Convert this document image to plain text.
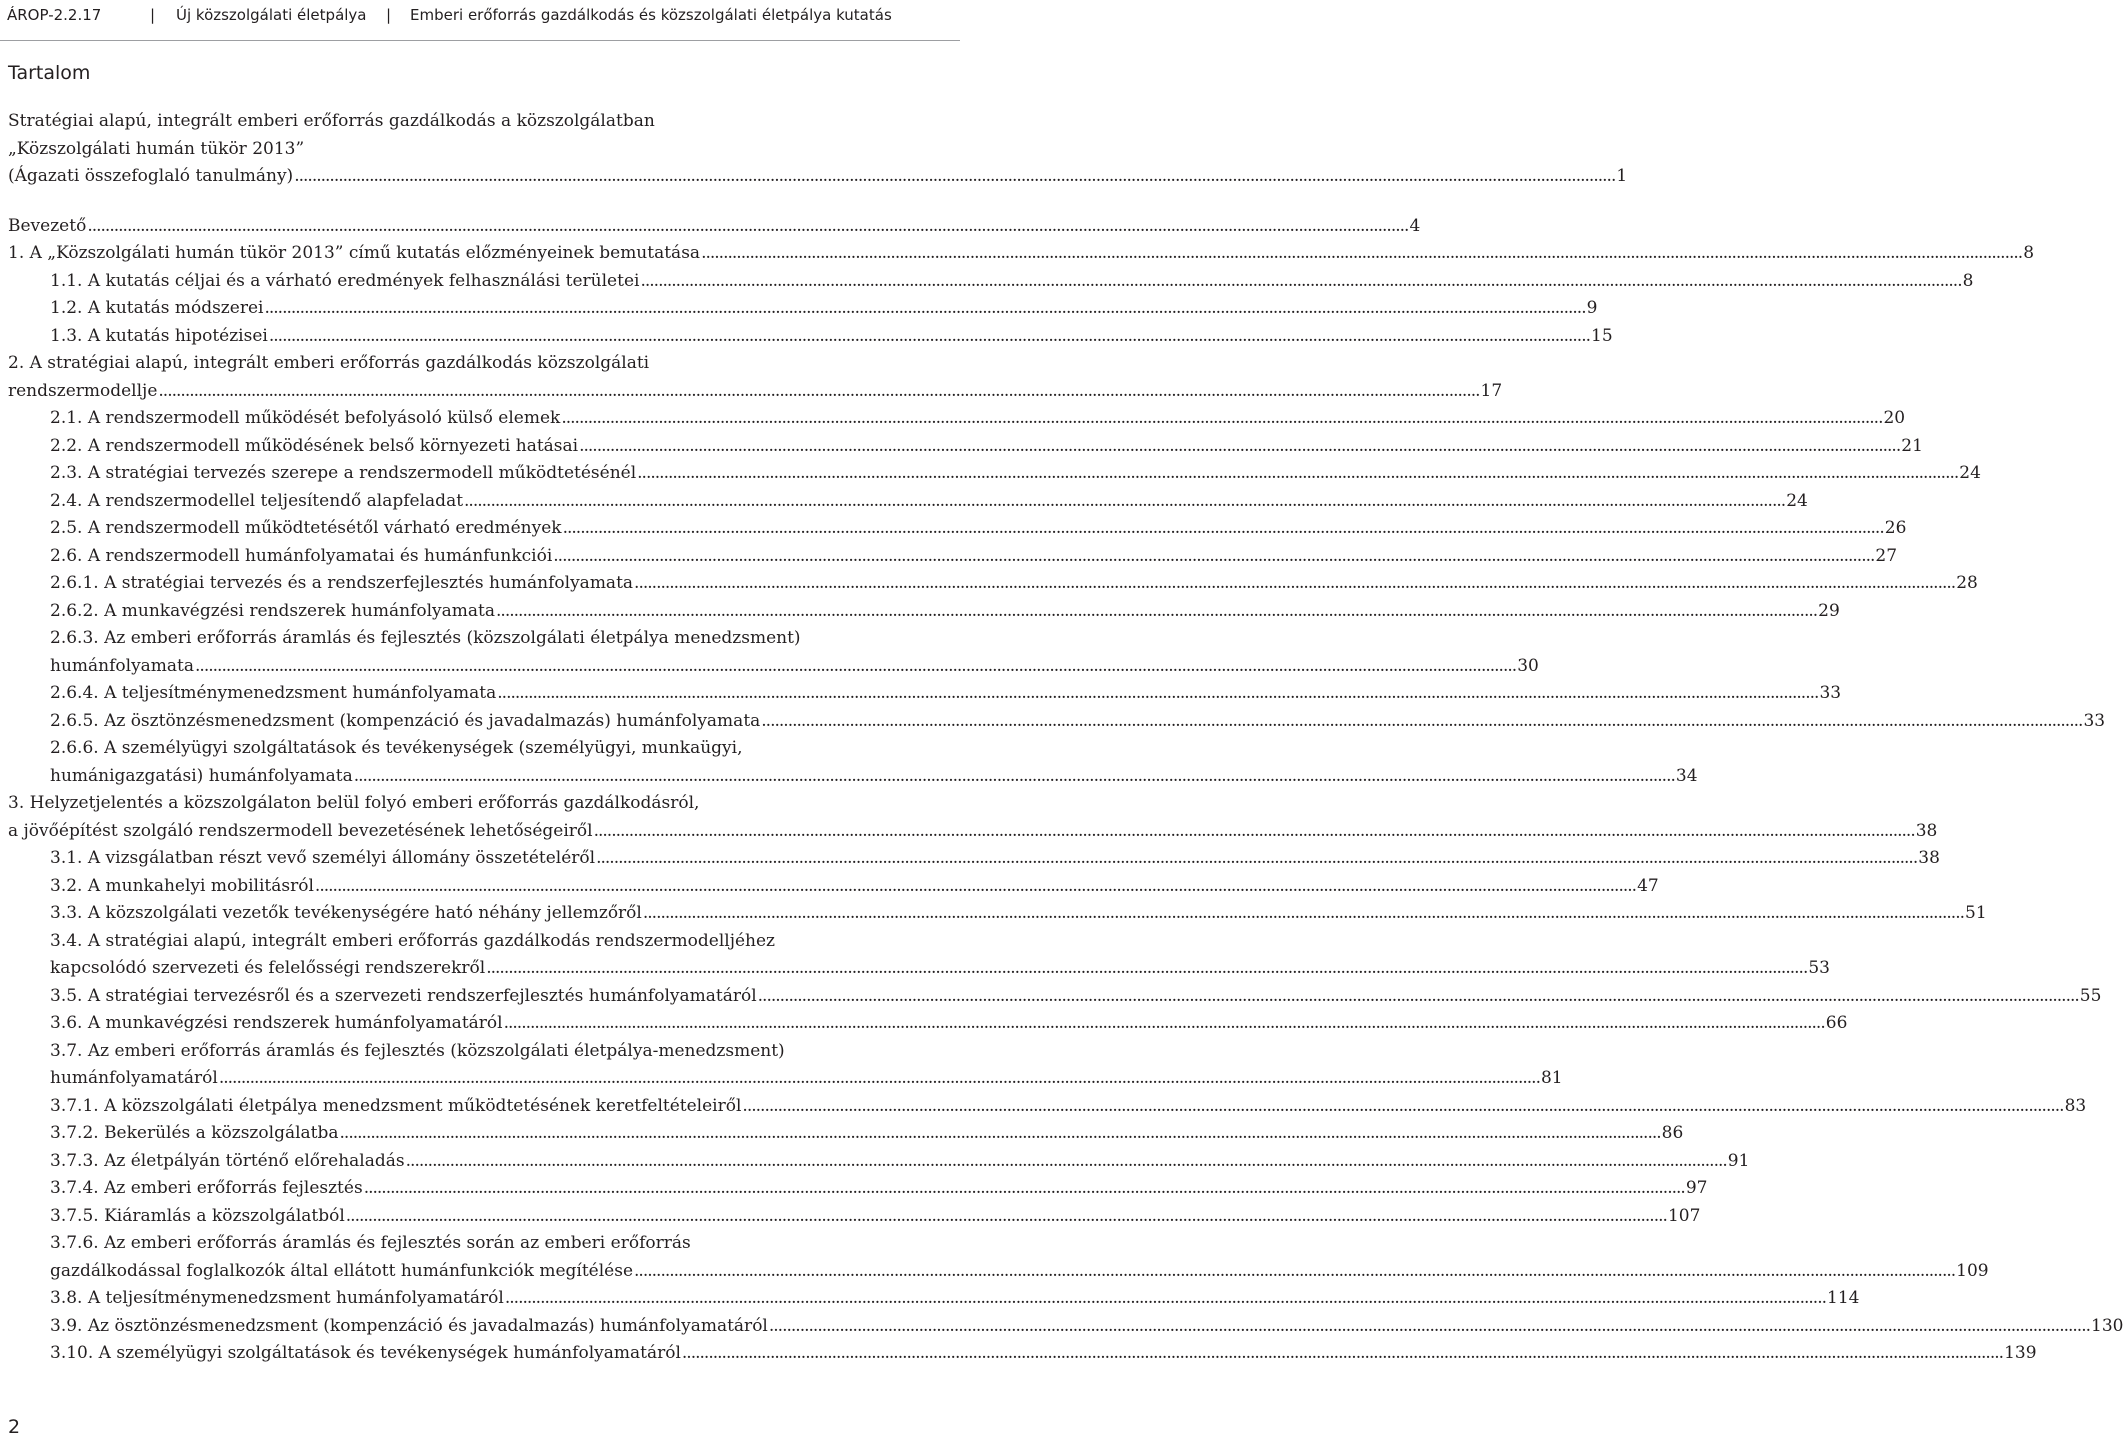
ÁROP-2.2.17	| Új közszolgálati életpálya | Emberi erőforrás gazdálkodás és közszolgálati életpálya kutatás
Tartalom
Stratégiai alapú, integrált emberi erőforrás gazdálkodás a közszolgálatban
„Közszolgálati humán tükör 2013”
(Ágazati összefoglaló tanulmány) ............................................................................................................................................................................................................................................................................................................ 1
Bevezető ............................................................................................................................................................................................................................................................................................................ 4
1. A „Közszolgálati humán tükör 2013” című kutatás előzményeinek bemutatása ............................................................................................................................................................................................................................................................................................................ 8
1.1. A kutatás céljai és a várható eredmények felhasználási területei ............................................................................................................................................................................................................................................................................................................ 8
1.2. A kutatás módszerei ............................................................................................................................................................................................................................................................................................................ 9
1.3. A kutatás hipotézisei ............................................................................................................................................................................................................................................................................................................ 15
2. A stratégiai alapú, integrált emberi erőforrás gazdálkodás közszolgálati
rendszermodellje ............................................................................................................................................................................................................................................................................................................ 17
2.1. A rendszermodell működését befolyásoló külső elemek ............................................................................................................................................................................................................................................................................................................ 20
2.2. A rendszermodell működésének belső környezeti hatásai ............................................................................................................................................................................................................................................................................................................ 21
2.3. A stratégiai tervezés szerepe a rendszermodell működtetésénél ............................................................................................................................................................................................................................................................................................................ 24
2.4. A rendszermodellel teljesítendő alapfeladat ............................................................................................................................................................................................................................................................................................................ 24
2.5. A rendszermodell működtetésétől várható eredmények ............................................................................................................................................................................................................................................................................................................ 26
2.6. A rendszermodell humánfolyamatai és humánfunkciói ............................................................................................................................................................................................................................................................................................................ 27
2.6.1. A stratégiai tervezés és a rendszerfejlesztés humánfolyamata ............................................................................................................................................................................................................................................................................................................ 28
2.6.2. A munkavégzési rendszerek humánfolyamata ............................................................................................................................................................................................................................................................................................................ 29
2.6.3. Az emberi erőforrás áramlás és fejlesztés (közszolgálati életpálya menedzsment)
humánfolyamata ............................................................................................................................................................................................................................................................................................................ 30
2.6.4. A teljesítménymenedzsment humánfolyamata ............................................................................................................................................................................................................................................................................................................ 33
2.6.5. Az ösztönzésmenedzsment (kompenzáció és javadalmazás) humánfolyamata ............................................................................................................................................................................................................................................................................................................ 33
2.6.6. A személyügyi szolgáltatások és tevékenységek (személyügyi, munkaügyi,
humánigazgatási) humánfolyamata ............................................................................................................................................................................................................................................................................................................ 34
3. Helyzetjelentés a közszolgálaton belül folyó emberi erőforrás gazdálkodásról,
a jövőépítést szolgáló rendszermodell bevezetésének lehetőségeiről ............................................................................................................................................................................................................................................................................................................ 38
3.1. A vizsgálatban részt vevő személyi állomány összetételéről ............................................................................................................................................................................................................................................................................................................ 38
3.2. A munkahelyi mobilitásról ............................................................................................................................................................................................................................................................................................................ 47
3.3. A közszolgálati vezetők tevékenységére ható néhány jellemzőről ............................................................................................................................................................................................................................................................................................................ 51
3.4. A stratégiai alapú, integrált emberi erőforrás gazdálkodás rendszermodelljéhez
kapcsolódó szervezeti és felelősségi rendszerekről ............................................................................................................................................................................................................................................................................................................ 53
3.5. A stratégiai tervezésről és a szervezeti rendszerfejlesztés humánfolyamatáról ............................................................................................................................................................................................................................................................................................................ 55
3.6. A munkavégzési rendszerek humánfolyamatáról ............................................................................................................................................................................................................................................................................................................ 66
3.7. Az emberi erőforrás áramlás és fejlesztés (közszolgálati életpálya-menedzsment)
humánfolyamatáról ............................................................................................................................................................................................................................................................................................................ 81
3.7.1. A közszolgálati életpálya menedzsment működtetésének keretfeltételeiről ............................................................................................................................................................................................................................................................................................................ 83
3.7.2. Bekerülés a közszolgálatba ............................................................................................................................................................................................................................................................................................................ 86
3.7.3. Az életpályán történő előrehaladás ............................................................................................................................................................................................................................................................................................................ 91
3.7.4. Az emberi erőforrás fejlesztés ............................................................................................................................................................................................................................................................................................................ 97
3.7.5. Kiáramlás a közszolgálatból ............................................................................................................................................................................................................................................................................................................ 107
3.7.6. Az emberi erőforrás áramlás és fejlesztés során az emberi erőforrás
gazdálkodással foglalkozók által ellátott humánfunkciók megítélése ............................................................................................................................................................................................................................................................................................................ 109
3.8. A teljesítménymenedzsment humánfolyamatáról ............................................................................................................................................................................................................................................................................................................ 114
3.9. Az ösztönzésmenedzsment (kompenzáció és javadalmazás) humánfolyamatáról ............................................................................................................................................................................................................................................................................................................ 130
3.10. A személyügyi szolgáltatások és tevékenységek humánfolyamatáról ............................................................................................................................................................................................................................................................................................................ 139
2
